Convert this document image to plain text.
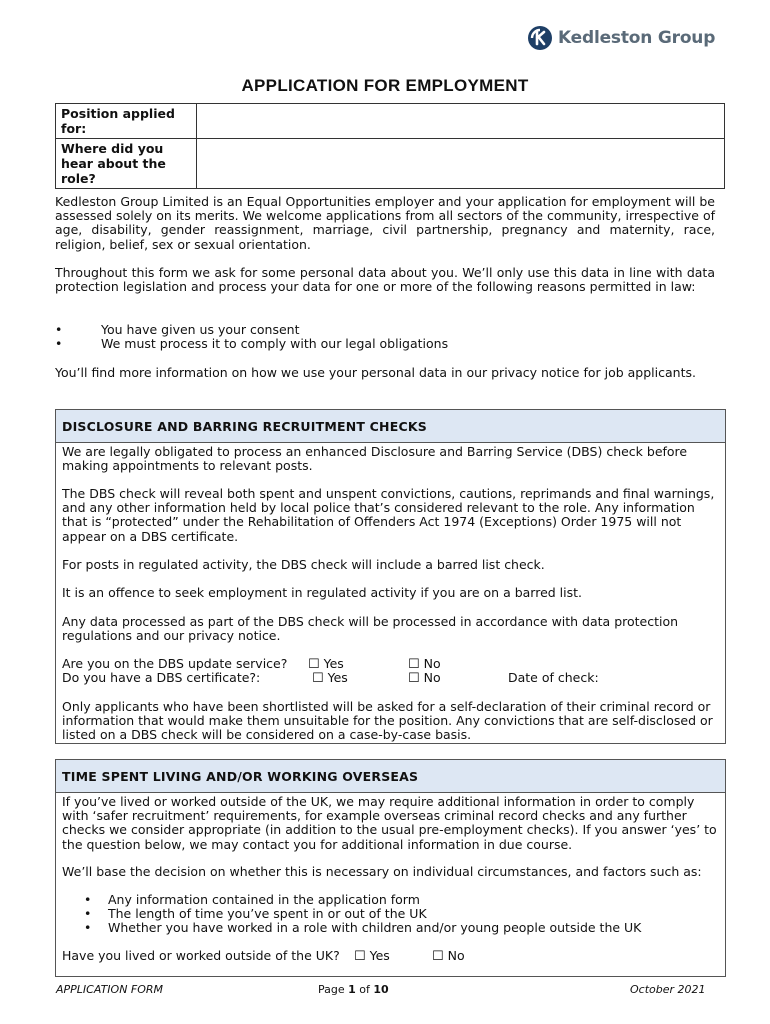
Kedleston Group
APPLICATION FOR EMPLOYMENT
Position applied for:	
Where did you hear about the role?	

Kedleston Group Limited is an Equal Opportunities employer and your application for employment will be assessed solely on its merits. We welcome applications from all sectors of the community, irrespective of age, disability, gender reassignment, marriage, civil partnership, pregnancy and maternity, race, religion, belief, sex or sexual orientation.

Throughout this form we ask for some personal data about you. We’ll only use this data in line with data protection legislation and process your data for one or more of the following reasons permitted in law:

•	You have given us your consent
•	We must process it to comply with our legal obligations

You’ll find more information on how we use your personal data in our privacy notice for job applicants.

DISCLOSURE AND BARRING RECRUITMENT CHECKS

We are legally obligated to process an enhanced Disclosure and Barring Service (DBS) check before making appointments to relevant posts.

The DBS check will reveal both spent and unspent convictions, cautions, reprimands and final warnings, and any other information held by local police that’s considered relevant to the role. Any information that is “protected” under the Rehabilitation of Offenders Act 1974 (Exceptions) Order 1975 will not appear on a DBS certificate.

For posts in regulated activity, the DBS check will include a barred list check.

It is an offence to seek employment in regulated activity if you are on a barred list.

Any data processed as part of the DBS check will be processed in accordance with data protection regulations and our privacy notice.

Are you on the DBS update service? ☐ Yes	☐ No
Do you have a DBS certificate?:	☐ Yes	☐ No	Date of check:

Only applicants who have been shortlisted will be asked for a self-declaration of their criminal record or information that would make them unsuitable for the position. Any convictions that are self-disclosed or listed on a DBS check will be considered on a case-by-case basis.

TIME SPENT LIVING AND/OR WORKING OVERSEAS

If you’ve lived or worked outside of the UK, we may require additional information in order to comply with ‘safer recruitment’ requirements, for example overseas criminal record checks and any further checks we consider appropriate (in addition to the usual pre-employment checks). If you answer ‘yes’ to the question below, we may contact you for additional information in due course.

We’ll base the decision on whether this is necessary on individual circumstances, and factors such as:

• Any information contained in the application form
• The length of time you’ve spent in or out of the UK
• Whether you have worked in a role with children and/or young people outside the UK
Have you lived or worked outside of the UK? ☐ Yes	☐ No
APPLICATION FORM	Page 1 of 10	October 2021
